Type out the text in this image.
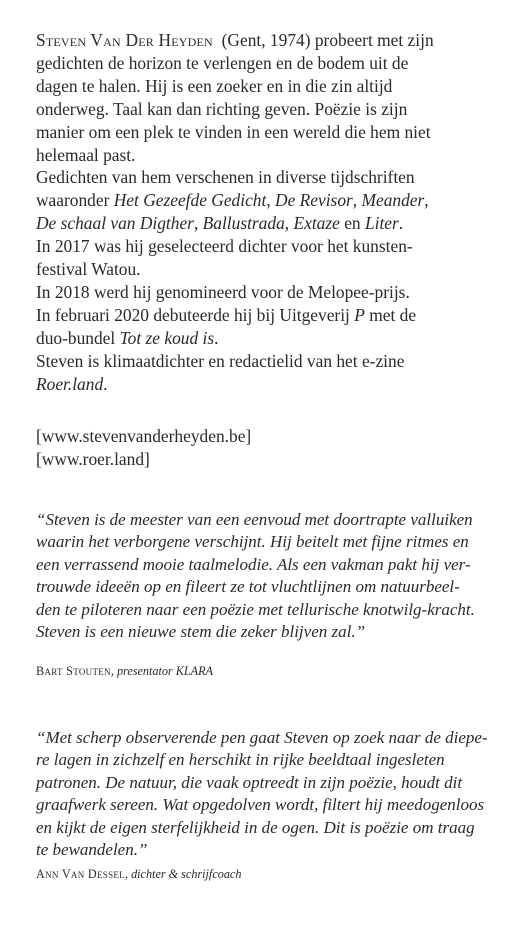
Steven Van Der Heyden (Gent, 1974) probeert met zijn
gedichten de horizon te verlengen en de bodem uit de
dagen te halen. Hij is een zoeker en in die zin altijd
onderweg. Taal kan dan richting geven. Poëzie is zijn
manier om een plek te vinden in een wereld die hem niet
helemaal past.
Gedichten van hem verschenen in diverse tijdschriften
waaronder Het Gezeefde Gedicht, De Revisor, Meander,
De schaal van Digther, Ballustrada, Extaze en Liter.
In 2017 was hij geselecteerd dichter voor het kunsten-
festival Watou.
In 2018 werd hij genomineerd voor de Melopee-prijs.
In februari 2020 debuteerde hij bij Uitgeverij P met de
duo-bundel Tot ze koud is.
Steven is klimaatdichter en redactielid van het e-zine
Roer.land.
[www.stevenvanderheyden.be]
[www.roer.land]
“Steven is de meester van een eenvoud met doortrapte valluiken
waarin het verborgene verschijnt. Hij beitelt met fijne ritmes en
een verrassend mooie taalmelodie. Als een vakman pakt hij ver-
trouwde ideeën op en fileert ze tot vluchtlijnen om natuurbeel-
den te piloteren naar een poëzie met tellurische knotwilg-kracht.
Steven is een nieuwe stem die zeker blijven zal.”
Bart Stouten, presentator KLARA
“Met scherp observerende pen gaat Steven op zoek naar de diepe-
re lagen in zichzelf en herschikt in rijke beeldtaal ingesleten
patronen. De natuur, die vaak optreedt in zijn poëzie, houdt dit
graafwerk sereen. Wat opgedolven wordt, filtert hij meedogenloos
en kijkt de eigen sterfelijkheid in de ogen. Dit is poëzie om traag
te bewandelen.”
Ann Van Dessel, dichter & schrijfcoach
